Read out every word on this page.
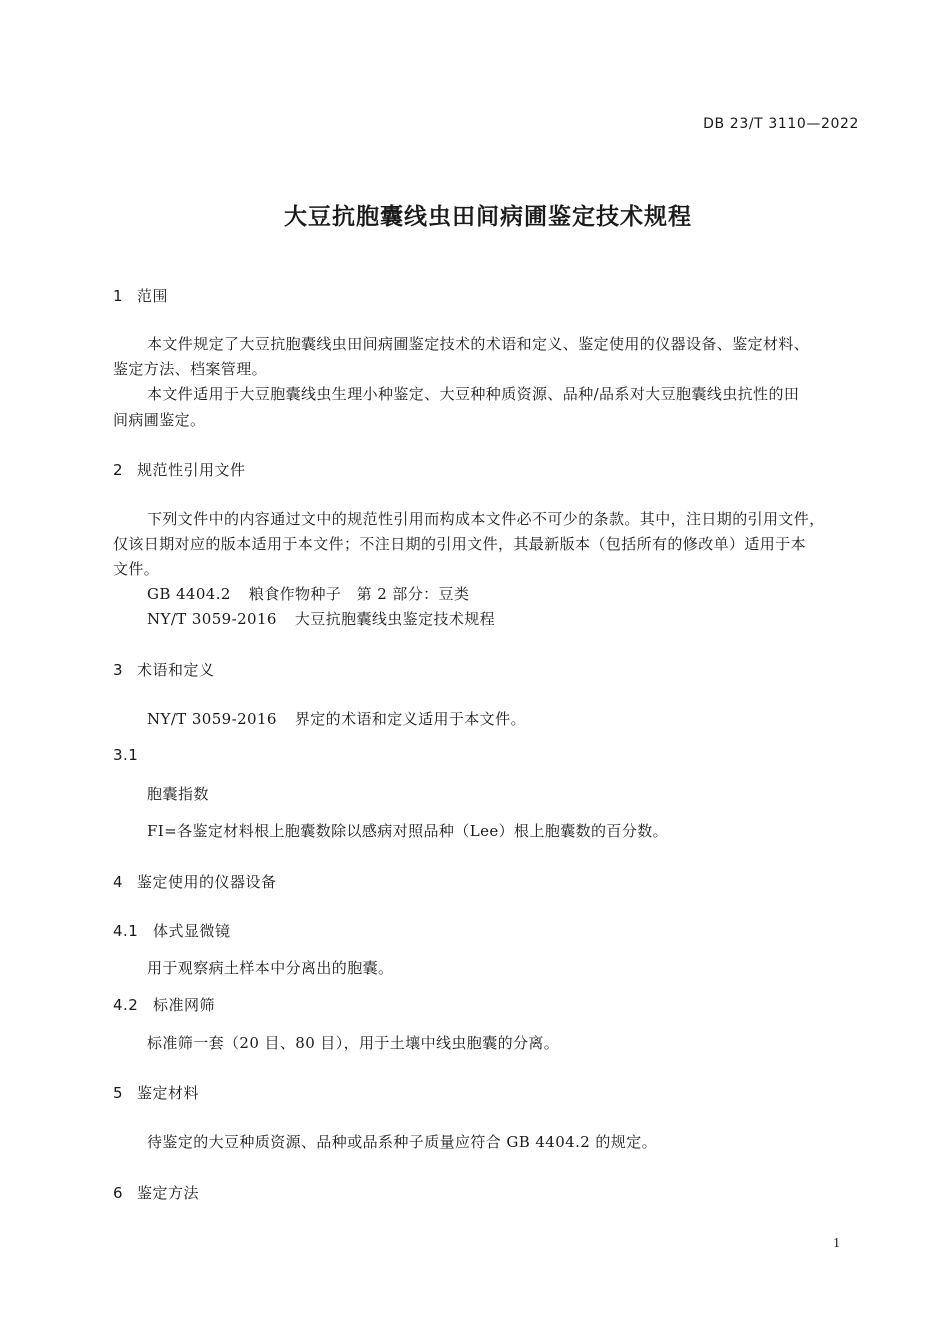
DB 23/T 3110—2022
大豆抗胞囊线虫田间病圃鉴定技术规程
1 范围
本文件规定了大豆抗胞囊线虫田间病圃鉴定技术的术语和定义、鉴定使用的仪器设备、鉴定材料、
鉴定方法、档案管理。
本文件适用于大豆胞囊线虫生理小种鉴定、大豆种种质资源、品种/品系对大豆胞囊线虫抗性的田
间病圃鉴定。
2 规范性引用文件
下列文件中的内容通过文中的规范性引用而构成本文件必不可少的条款。其中，注日期的引用文件，
仅该日期对应的版本适用于本文件；不注日期的引用文件，其最新版本（包括所有的修改单）适用于本
文件。
GB 4404.2 粮食作物种子　第 2 部分：豆类
NY/T 3059-2016 大豆抗胞囊线虫鉴定技术规程
3 术语和定义
NY/T 3059-2016 界定的术语和定义适用于本文件。
3.1
胞囊指数
FI=各鉴定材料根上胞囊数除以感病对照品种（Lee）根上胞囊数的百分数。
4 鉴定使用的仪器设备
4.1 体式显微镜
用于观察病土样本中分离出的胞囊。
4.2 标准网筛
标准筛一套（20 目、80 目），用于土壤中线虫胞囊的分离。
5 鉴定材料
待鉴定的大豆种质资源、品种或品系种子质量应符合 GB 4404.2 的规定。
6 鉴定方法
1
